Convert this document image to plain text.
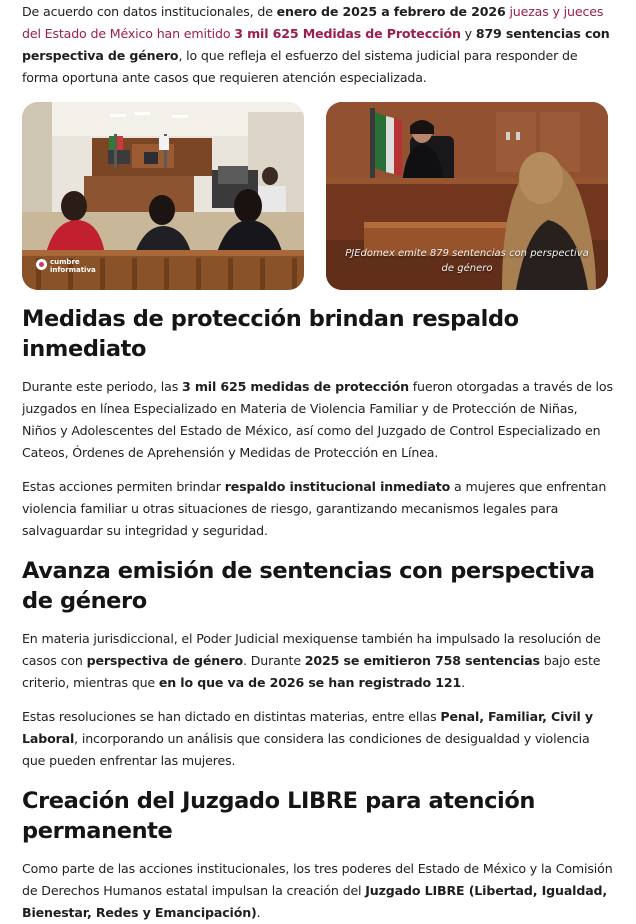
De acuerdo con datos institucionales, de enero de 2025 a febrero de 2026 juezas y jueces del Estado de México han emitido 3 mil 625 Medidas de Protección y 879 sentencias con perspectiva de género, lo que refleja el esfuerzo del sistema judicial para responder de forma oportuna ante casos que requieren atención especializada.

cumbre
informativa
PJEdomex emite 879 sentencias con perspectiva de género
Medidas de protección brindan respaldo inmediato

Durante este periodo, las 3 mil 625 medidas de protección fueron otorgadas a través de los juzgados en línea Especializado en Materia de Violencia Familiar y de Protección de Niñas, Niños y Adolescentes del Estado de México, así como del Juzgado de Control Especializado en Cateos, Órdenes de Aprehensión y Medidas de Protección en Línea.

Estas acciones permiten brindar respaldo institucional inmediato a mujeres que enfrentan violencia familiar u otras situaciones de riesgo, garantizando mecanismos legales para salvaguardar su integridad y seguridad.

Avanza emisión de sentencias con perspectiva de género

En materia jurisdiccional, el Poder Judicial mexiquense también ha impulsado la resolución de casos con perspectiva de género. Durante 2025 se emitieron 758 sentencias bajo este criterio, mientras que en lo que va de 2026 se han registrado 121.

Estas resoluciones se han dictado en distintas materias, entre ellas Penal, Familiar, Civil y Laboral, incorporando un análisis que considera las condiciones de desigualdad y violencia que pueden enfrentar las mujeres.

Creación del Juzgado LIBRE para atención permanente

Como parte de las acciones institucionales, los tres poderes del Estado de México y la Comisión de Derechos Humanos estatal impulsan la creación del Juzgado LIBRE (Libertad, Igualdad, Bienestar, Redes y Emancipación).
